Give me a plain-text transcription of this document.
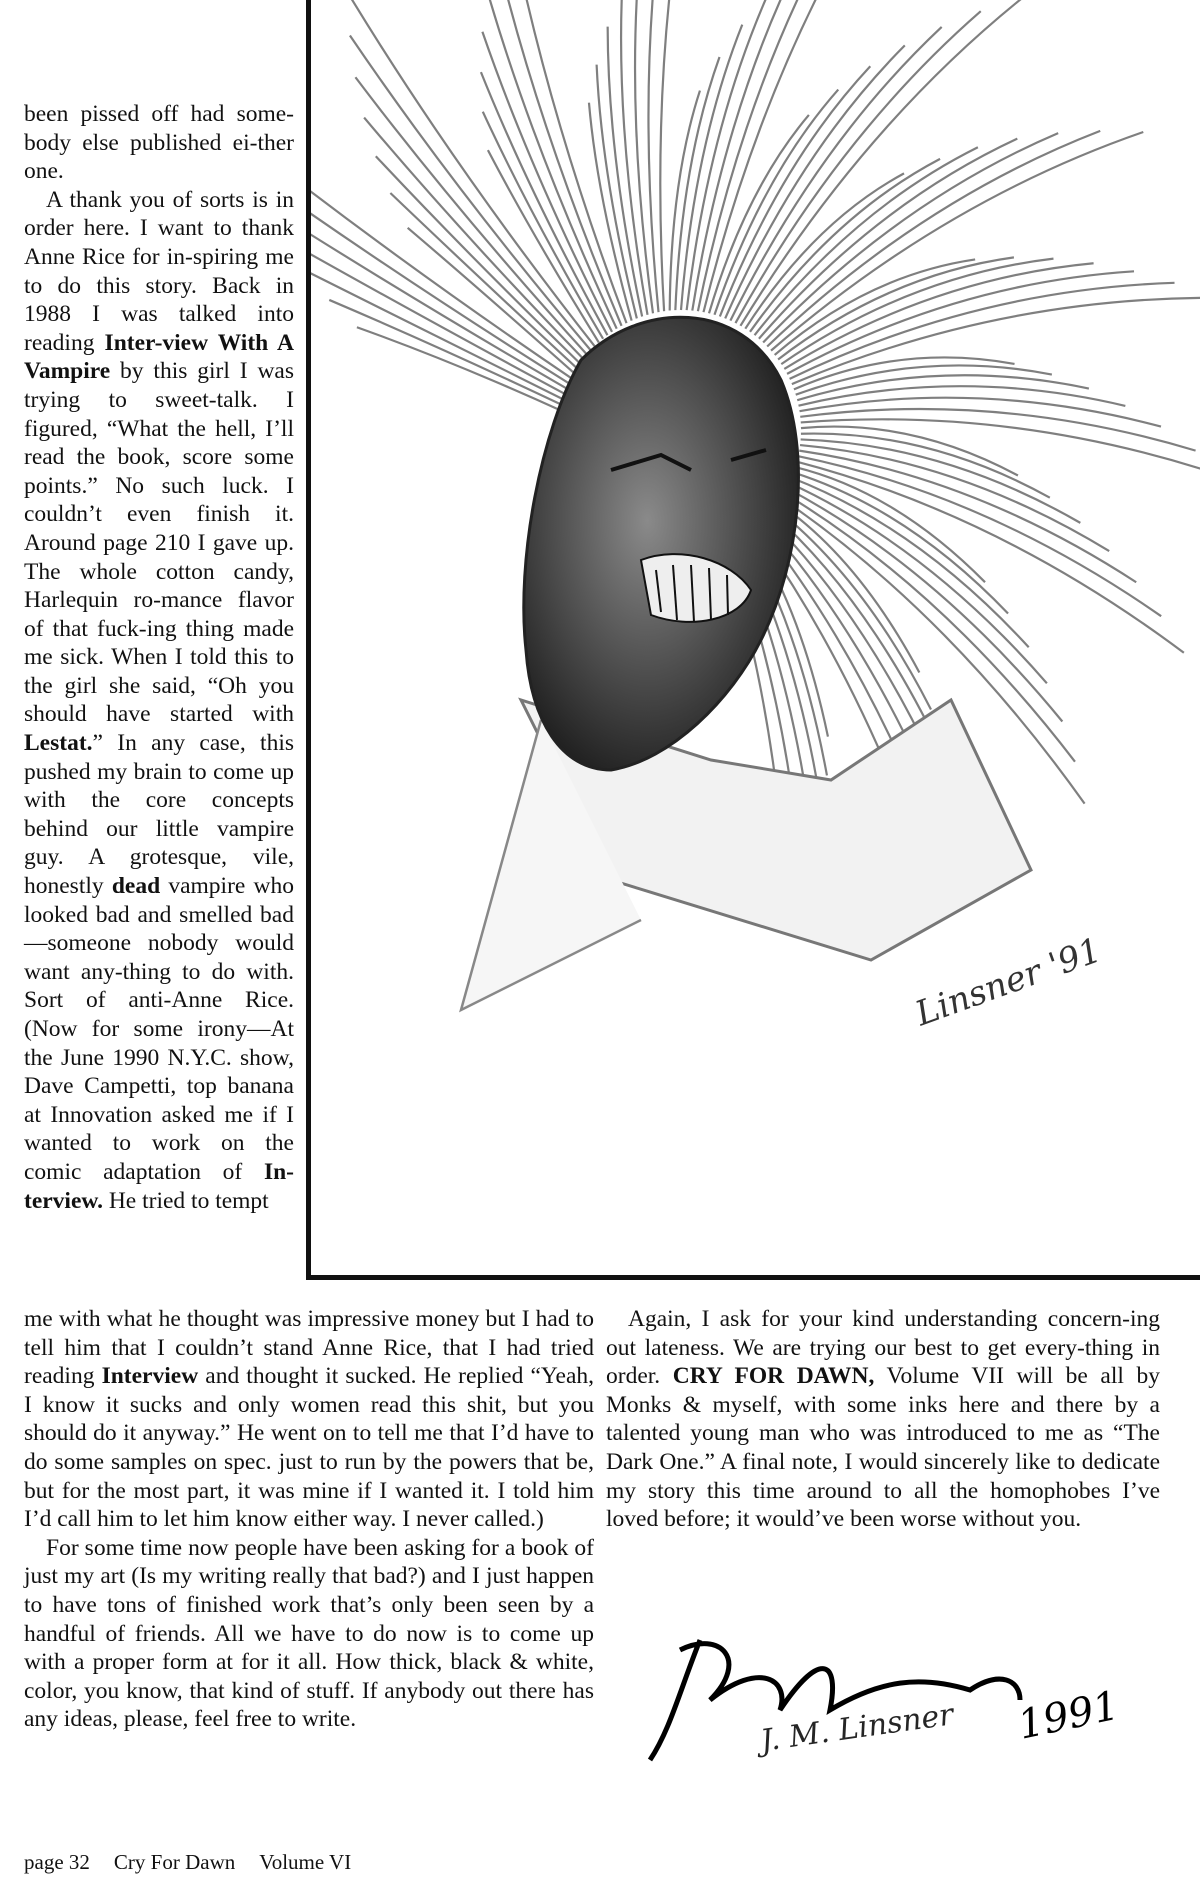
been pissed off had some-body else published ei-ther one.

A thank you of sorts is in order here. I want to thank Anne Rice for in-spiring me to do this story. Back in 1988 I was talked into reading Inter-view With A Vampire by this girl I was trying to sweet-talk. I figured, “What the hell, I’ll read the book, score some points.” No such luck. I couldn’t even finish it. Around page 210 I gave up. The whole cotton candy, Harlequin ro-mance flavor of that fuck-ing thing made me sick. When I told this to the girl she said, “Oh you should have started with Lestat.” In any case, this pushed my brain to come up with the core concepts behind our little vampire guy. A grotesque, vile, honestly dead vampire who looked bad and smelled bad—someone nobody would want any-thing to do with. Sort of anti-Anne Rice. (Now for some irony—At the June 1990 N.Y.C. show, Dave Campetti, top banana at Innovation asked me if I wanted to work on the comic adaptation of In-terview. He tried to tempt

Linsner '91

me with what he thought was impressive money but I had to tell him that I couldn’t stand Anne Rice, that I had tried reading Interview and thought it sucked. He replied “Yeah, I know it sucks and only women read this shit, but you should do it anyway.” He went on to tell me that I’d have to do some samples on spec. just to run by the powers that be, but for the most part, it was mine if I wanted it. I told him I’d call him to let him know either way. I never called.)

For some time now people have been asking for a book of just my art (Is my writing really that bad?) and I just happen to have tons of finished work that’s only been seen by a handful of friends. All we have to do now is to come up with a proper form at for it all. How thick, black & white, color, you know, that kind of stuff. If anybody out there has any ideas, please, feel free to write.

Again, I ask for your kind understanding concern-ing out lateness. We are trying our best to get every-thing in order. CRY FOR DAWN, Volume VII will be all by Monks & myself, with some inks here and there by a talented young man who was introduced to me as “The Dark One.” A final note, I would sincerely like to dedicate my story this time around to all the homophobes I’ve loved before; it would’ve been worse without you.

J. M. Linsner 1991
page 32 Cry For Dawn Volume VI
